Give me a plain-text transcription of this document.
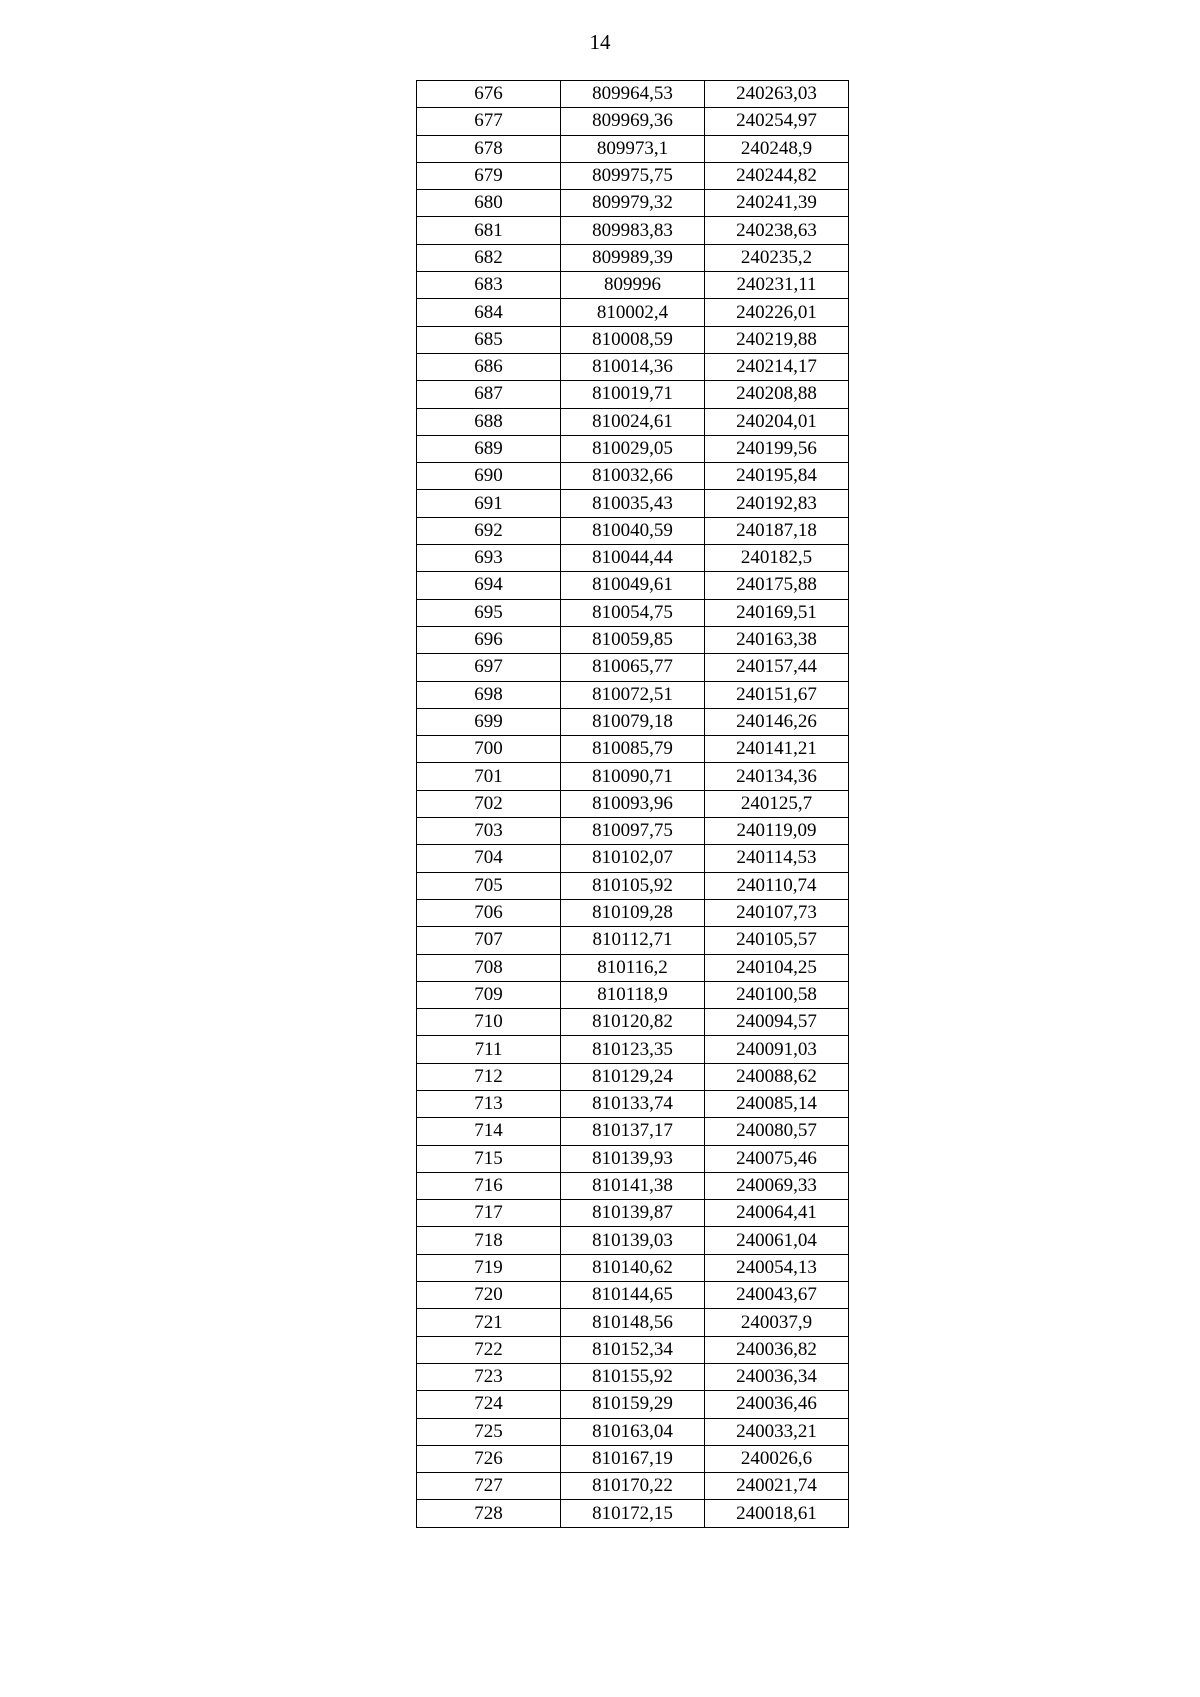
14
676	809964,53	240263,03
677	809969,36	240254,97
678	809973,1	240248,9
679	809975,75	240244,82
680	809979,32	240241,39
681	809983,83	240238,63
682	809989,39	240235,2
683	809996	240231,11
684	810002,4	240226,01
685	810008,59	240219,88
686	810014,36	240214,17
687	810019,71	240208,88
688	810024,61	240204,01
689	810029,05	240199,56
690	810032,66	240195,84
691	810035,43	240192,83
692	810040,59	240187,18
693	810044,44	240182,5
694	810049,61	240175,88
695	810054,75	240169,51
696	810059,85	240163,38
697	810065,77	240157,44
698	810072,51	240151,67
699	810079,18	240146,26
700	810085,79	240141,21
701	810090,71	240134,36
702	810093,96	240125,7
703	810097,75	240119,09
704	810102,07	240114,53
705	810105,92	240110,74
706	810109,28	240107,73
707	810112,71	240105,57
708	810116,2	240104,25
709	810118,9	240100,58
710	810120,82	240094,57
711	810123,35	240091,03
712	810129,24	240088,62
713	810133,74	240085,14
714	810137,17	240080,57
715	810139,93	240075,46
716	810141,38	240069,33
717	810139,87	240064,41
718	810139,03	240061,04
719	810140,62	240054,13
720	810144,65	240043,67
721	810148,56	240037,9
722	810152,34	240036,82
723	810155,92	240036,34
724	810159,29	240036,46
725	810163,04	240033,21
726	810167,19	240026,6
727	810170,22	240021,74
728	810172,15	240018,61
